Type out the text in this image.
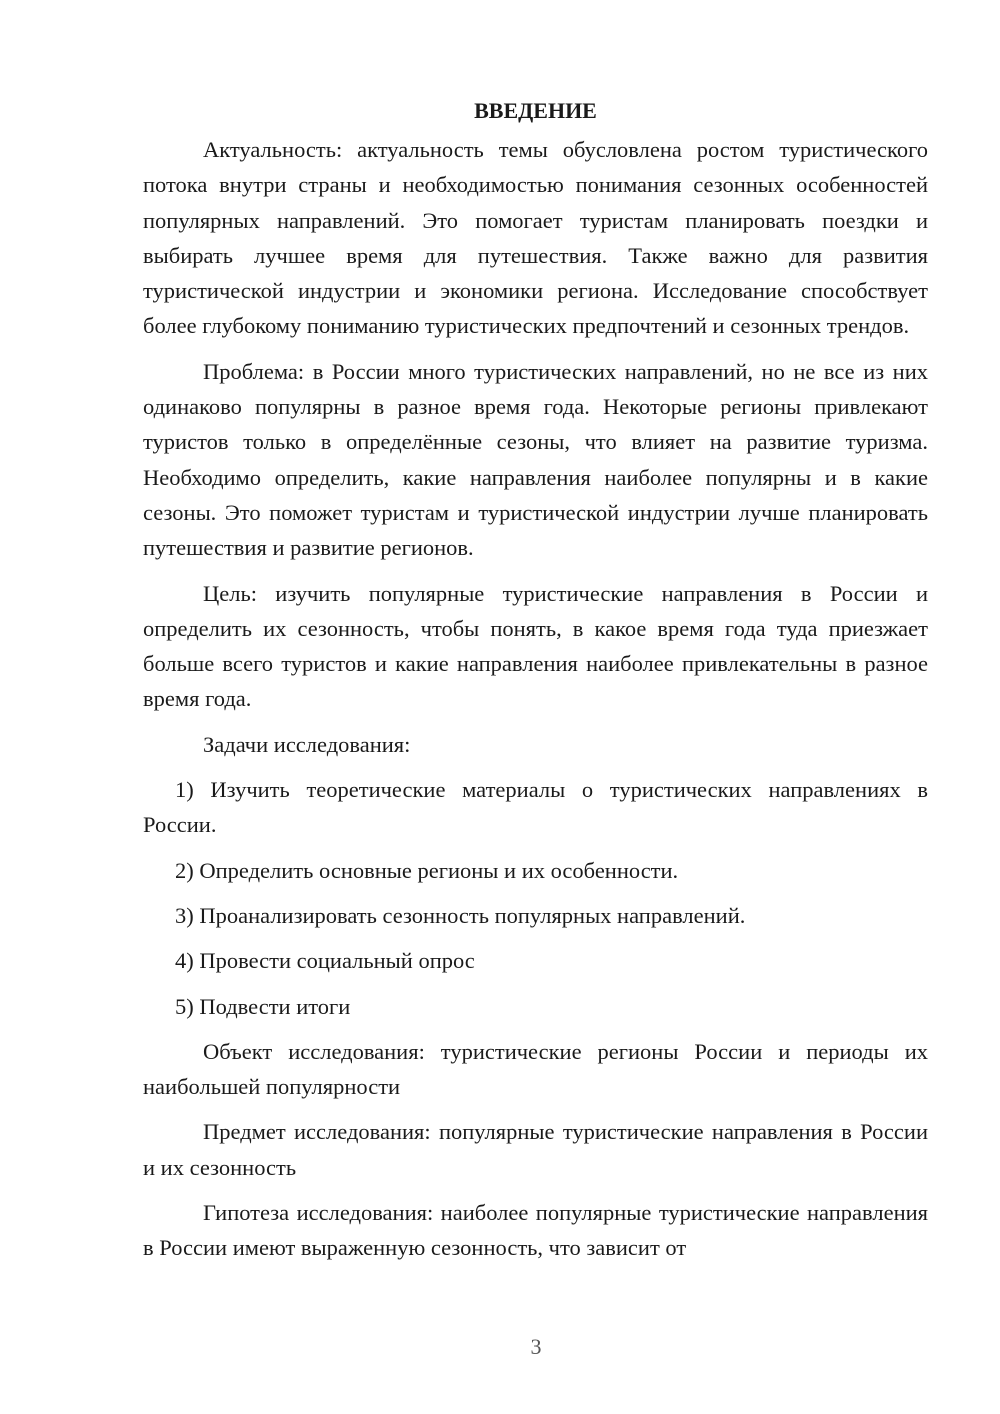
ВВЕДЕНИЕ

Актуальность: актуальность темы обусловлена ростом туристического потока внутри страны и необходимостью понимания сезонных особенностей популярных направлений. Это помогает туристам планировать поездки и выбирать лучшее время для путешествия. Также важно для развития туристической индустрии и экономики региона. Исследование способствует более глубокому пониманию туристических предпочтений и сезонных трендов.

Проблема: в России много туристических направлений, но не все из них одинаково популярны в разное время года. Некоторые регионы привлекают туристов только в определённые сезоны, что влияет на развитие туризма. Необходимо определить, какие направления наиболее популярны и в какие сезоны. Это поможет туристам и туристической индустрии лучше планировать путешествия и развитие регионов.

Цель: изучить популярные туристические направления в России и определить их сезонность, чтобы понять, в какое время года туда приезжает больше всего туристов и какие направления наиболее привлекательны в разное время года.

Задачи исследования:

1) Изучить теоретические материалы о туристических направлениях в России.

2) Определить основные регионы и их особенности.

3) Проанализировать сезонность популярных направлений.

4) Провести социальный опрос

5) Подвести итоги

Объект исследования: туристические регионы России и периоды их наибольшей популярности

Предмет исследования: популярные туристические направления в России и их сезонность

Гипотеза исследования: наиболее популярные туристические направления в России имеют выраженную сезонность, что зависит от

3
